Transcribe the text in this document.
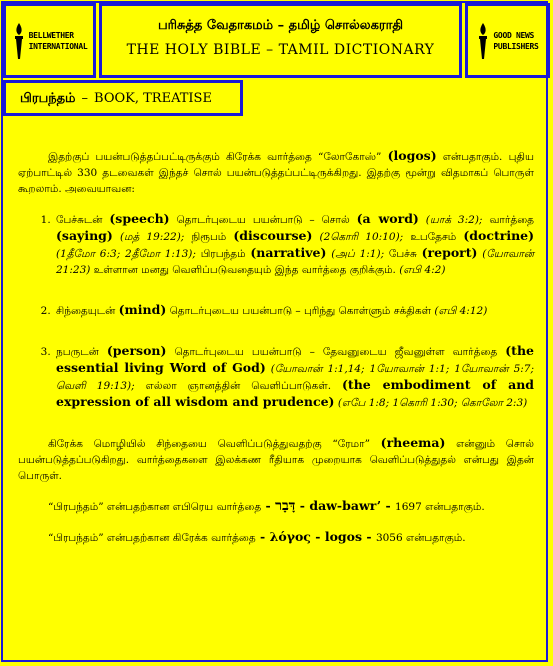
BELLWETHER
INTERNATIONAL
பரிசுத்த வேதாகமம் – தமிழ் சொல்லகராதி
THE HOLY BIBLE – TAMIL DICTIONARY
GOOD NEWS
PUBLISHERS
பிரபந்தம் – BOOK, TREATISE

இதற்குப் பயன்படுத்தப்பட்டிருக்கும் கிரேக்க வார்த்தை “லோகோஸ்” (logos) என்பதாகும். புதிய ஏற்பாட்டில் 330 தடவைகள் இந்தச் சொல் பயன்படுத்தப்பட்டிருக்கிறது. இதற்கு மூன்று விதமாகப் பொருள் கூறலாம். அவையாவன:

1. பேச்சுடன் (speech) தொடர்புடைய பயன்பாடு – சொல் (a word) (யாக் 3:2); வார்த்தை (saying) (மத் 19:22); நிரூபம் (discourse) (2கொரி 10:10); உபதேசம் (doctrine) (1தீமோ 6:3; 2தீமோ 1:13); பிரபந்தம் (narrative) (அப் 1:1); பேச்சு (report) (யோவான் 21:23) உள்ளான மனது வெளிப்படுவதையும் இந்த வார்த்தை குறிக்கும். (எபி 4:2)
2. சிந்தையுடன் (mind) தொடர்புடைய பயன்பாடு – புரிந்து கொள்ளும் சக்திகள் (எபி 4:12)
3. நபருடன் (person) தொடர்புடைய பயன்பாடு – தேவனுடைய ஜீவனுள்ள வார்த்தை (the essential living Word of God) (யோவான் 1:1,14; 1யோவான் 1:1; 1யோவான் 5:7; வெளி 19:13); எல்லா ஞானத்தின் வெளிப்பாடுகள். (the embodiment of and expression of all wisdom and prudence) (எபே 1:8; 1கொரி 1:30; கொலோ 2:3)

கிரேக்க மொழியில் சிந்தையை வெளிப்படுத்துவதற்கு “ரேமா” (rheema) என்னும் சொல் பயன்படுத்தப்படுகிறது. வார்த்தைகளை இலக்கண ரீதியாக முறையாக வெளிப்படுத்துதல் என்பது இதன் பொருள்.

“பிரபந்தம்” என்பதற்கான எபிரெய வார்த்தை - דָּבָר - daw-bawr’ - 1697 என்பதாகும்.

“பிரபந்தம்” என்பதற்கான கிரேக்க வார்த்தை - λόγος - logos - 3056 என்பதாகும்.
